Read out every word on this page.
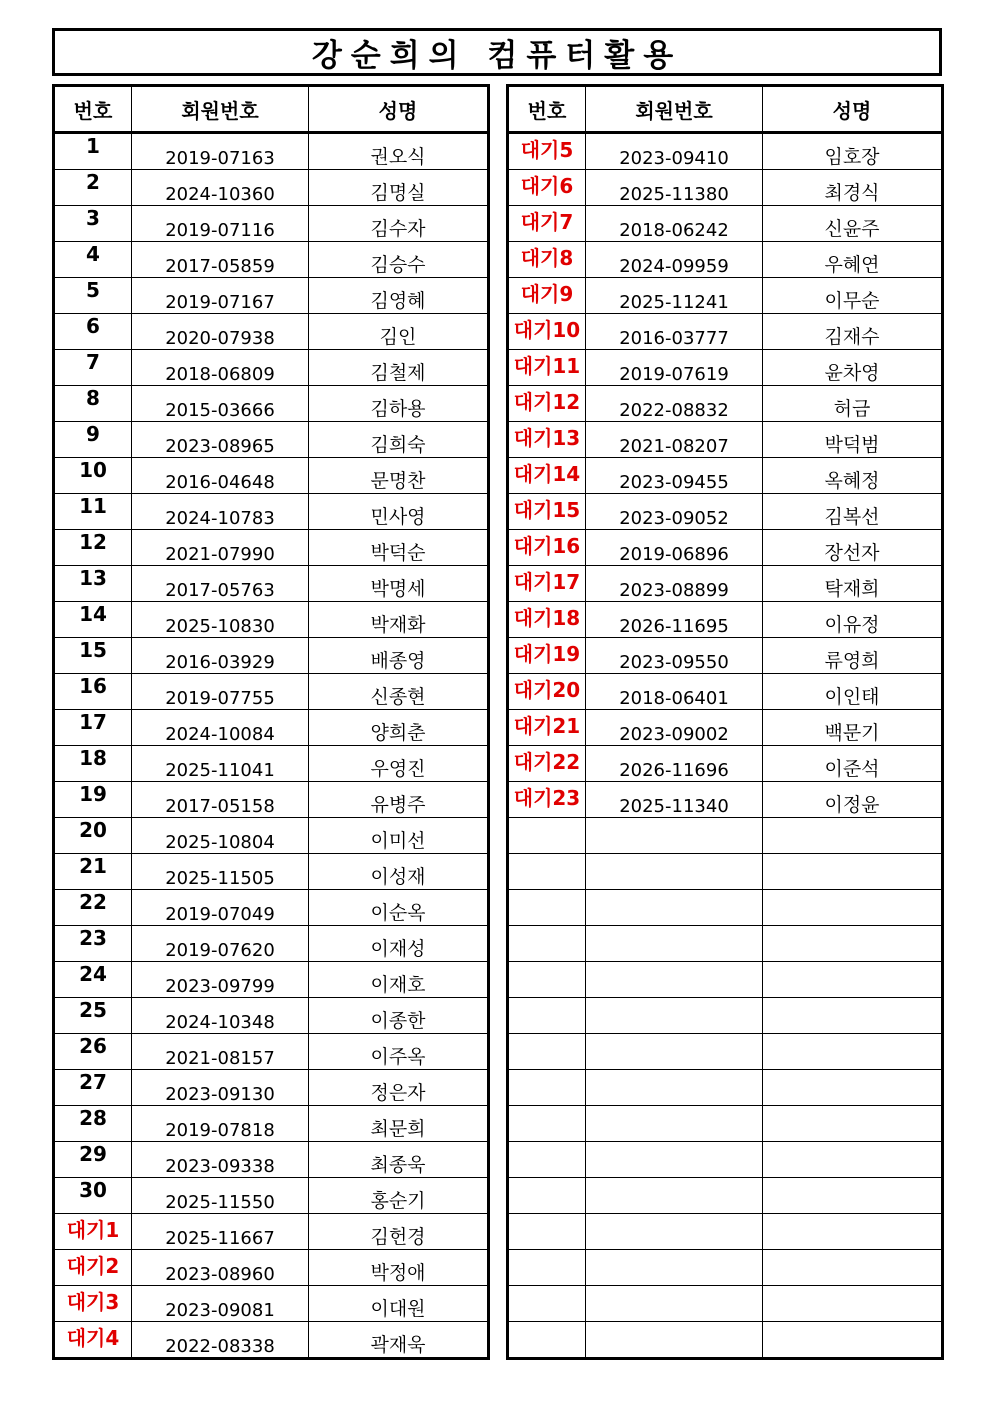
강순희의 컴퓨터활용
번호	회원번호	성명
1	2019-07163	권오식
2	2024-10360	김명실
3	2019-07116	김수자
4	2017-05859	김승수
5	2019-07167	김영혜
6	2020-07938	김인
7	2018-06809	김철제
8	2015-03666	김하용
9	2023-08965	김희숙
10	2016-04648	문명찬
11	2024-10783	민사영
12	2021-07990	박덕순
13	2017-05763	박명세
14	2025-10830	박재화
15	2016-03929	배종영
16	2019-07755	신종현
17	2024-10084	양희춘
18	2025-11041	우영진
19	2017-05158	유병주
20	2025-10804	이미선
21	2025-11505	이성재
22	2019-07049	이순옥
23	2019-07620	이재성
24	2023-09799	이재호
25	2024-10348	이종한
26	2021-08157	이주옥
27	2023-09130	정은자
28	2019-07818	최문희
29	2023-09338	최종욱
30	2025-11550	홍순기
대기1	2025-11667	김헌경
대기2	2023-08960	박정애
대기3	2023-09081	이대원
대기4	2022-08338	곽재욱
번호	회원번호	성명
대기5	2023-09410	임호장
대기6	2025-11380	최경식
대기7	2018-06242	신윤주
대기8	2024-09959	우혜연
대기9	2025-11241	이무순
대기10	2016-03777	김재수
대기11	2019-07619	윤차영
대기12	2022-08832	허금
대기13	2021-08207	박덕범
대기14	2023-09455	옥혜정
대기15	2023-09052	김복선
대기16	2019-06896	장선자
대기17	2023-08899	탁재희
대기18	2026-11695	이유정
대기19	2023-09550	류영희
대기20	2018-06401	이인태
대기21	2023-09002	백문기
대기22	2026-11696	이준석
대기23	2025-11340	이정윤
